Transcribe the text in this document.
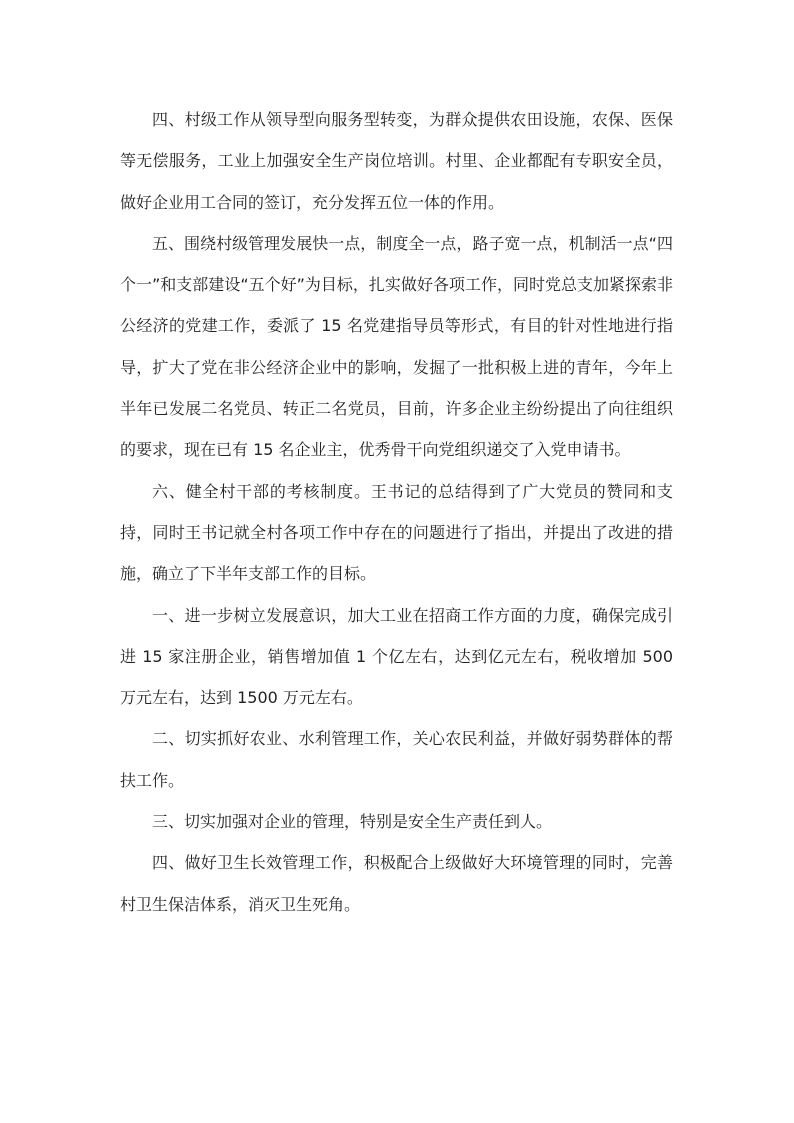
四、村级工作从领导型向服务型转变，为群众提供农田设施，农保、医保等无偿服务，工业上加强安全生产岗位培训。村里、企业都配有专职安全员，做好企业用工合同的签订，充分发挥五位一体的作用。

五、围绕村级管理发展快一点，制度全一点，路子宽一点，机制活一点“四个一”和支部建设“五个好”为目标，扎实做好各项工作，同时党总支加紧探索非公经济的党建工作，委派了 15 名党建指导员等形式，有目的针对性地进行指导，扩大了党在非公经济企业中的影响，发掘了一批积极上进的青年，今年上半年已发展二名党员、转正二名党员，目前，许多企业主纷纷提出了向往组织的要求，现在已有 15 名企业主，优秀骨干向党组织递交了入党申请书。

六、健全村干部的考核制度。王书记的总结得到了广大党员的赞同和支持，同时王书记就全村各项工作中存在的问题进行了指出，并提出了改进的措施，确立了下半年支部工作的目标。

一、进一步树立发展意识，加大工业在招商工作方面的力度，确保完成引进 15 家注册企业，销售增加值 1 个亿左右，达到亿元左右，税收增加 500 万元左右，达到 1500 万元左右。

二、切实抓好农业、水利管理工作，关心农民利益，并做好弱势群体的帮扶工作。

三、切实加强对企业的管理，特别是安全生产责任到人。

四、做好卫生长效管理工作，积极配合上级做好大环境管理的同时，完善村卫生保洁体系，消灭卫生死角。
